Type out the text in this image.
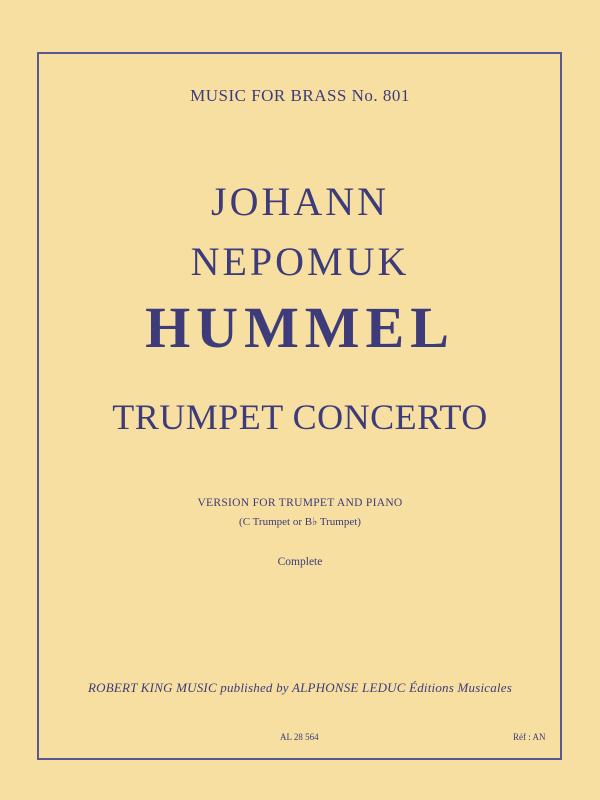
MUSIC FOR BRASS No. 801
JOHANN
NEPOMUK
HUMMEL
TRUMPET CONCERTO
VERSION FOR TRUMPET AND PIANO
(C Trumpet or B♭ Trumpet)
Complete
ROBERT KING MUSIC published by ALPHONSE LEDUC Éditions Musicales
AL 28 564	Réf : AN
